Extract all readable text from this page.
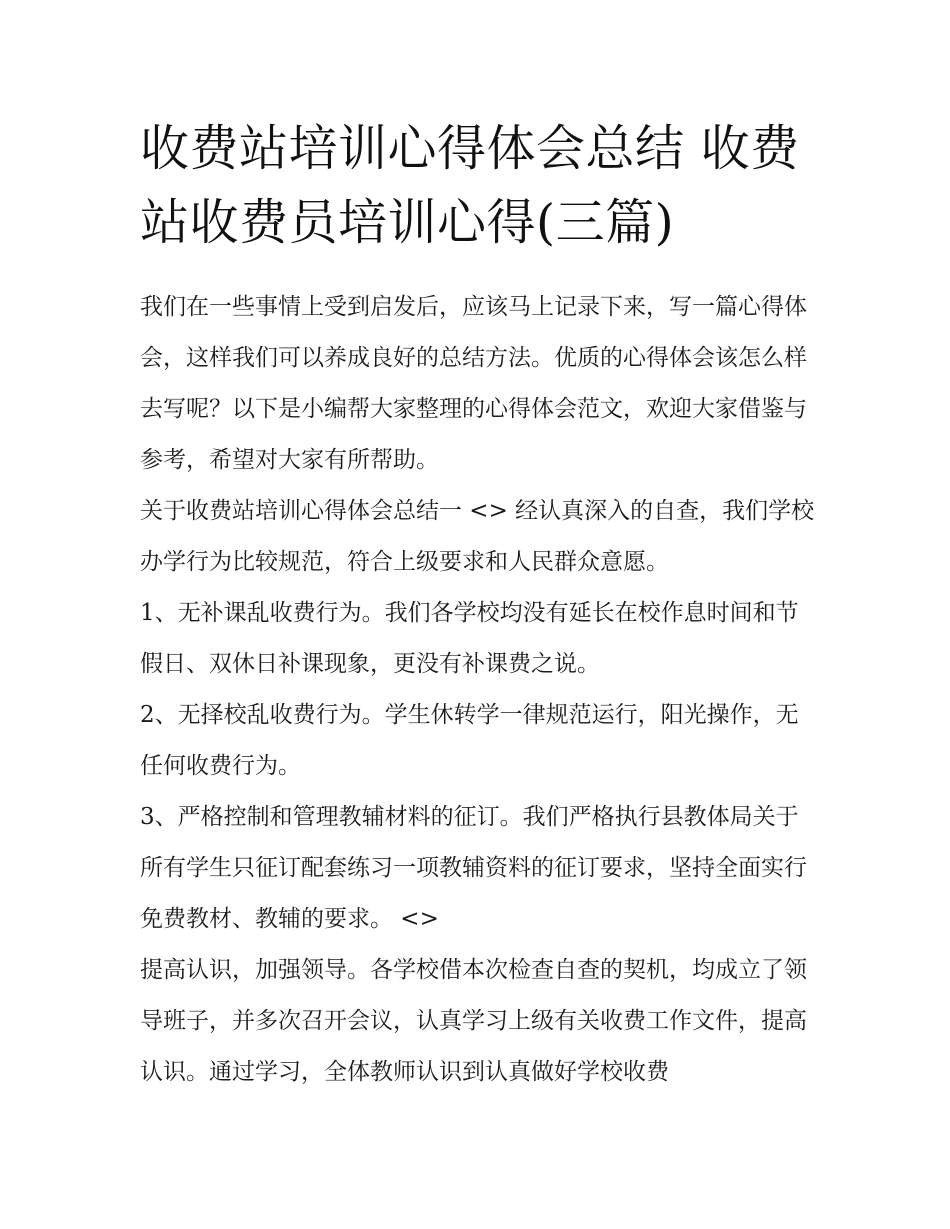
收费站培训心得体会总结 收费站收费员培训心得(三篇)

我们在一些事情上受到启发后，应该马上记录下来，写一篇心得体会，这样我们可以养成良好的总结方法。优质的心得体会该怎么样去写呢？以下是小编帮大家整理的心得体会范文，欢迎大家借鉴与参考，希望对大家有所帮助。

关于收费站培训心得体会总结一 <> 经认真深入的自查，我们学校办学行为比较规范，符合上级要求和人民群众意愿。

1、无补课乱收费行为。我们各学校均没有延长在校作息时间和节假日、双休日补课现象，更没有补课费之说。

2、无择校乱收费行为。学生休转学一律规范运行，阳光操作，无任何收费行为。

3、严格控制和管理教辅材料的征订。我们严格执行县教体局关于所有学生只征订配套练习一项教辅资料的征订要求，坚持全面实行免费教材、教辅的要求。 <>

提高认识，加强领导。各学校借本次检查自查的契机，均成立了领导班子，并多次召开会议，认真学习上级有关收费工作文件，提高认识。通过学习，全体教师认识到认真做好学校收费
